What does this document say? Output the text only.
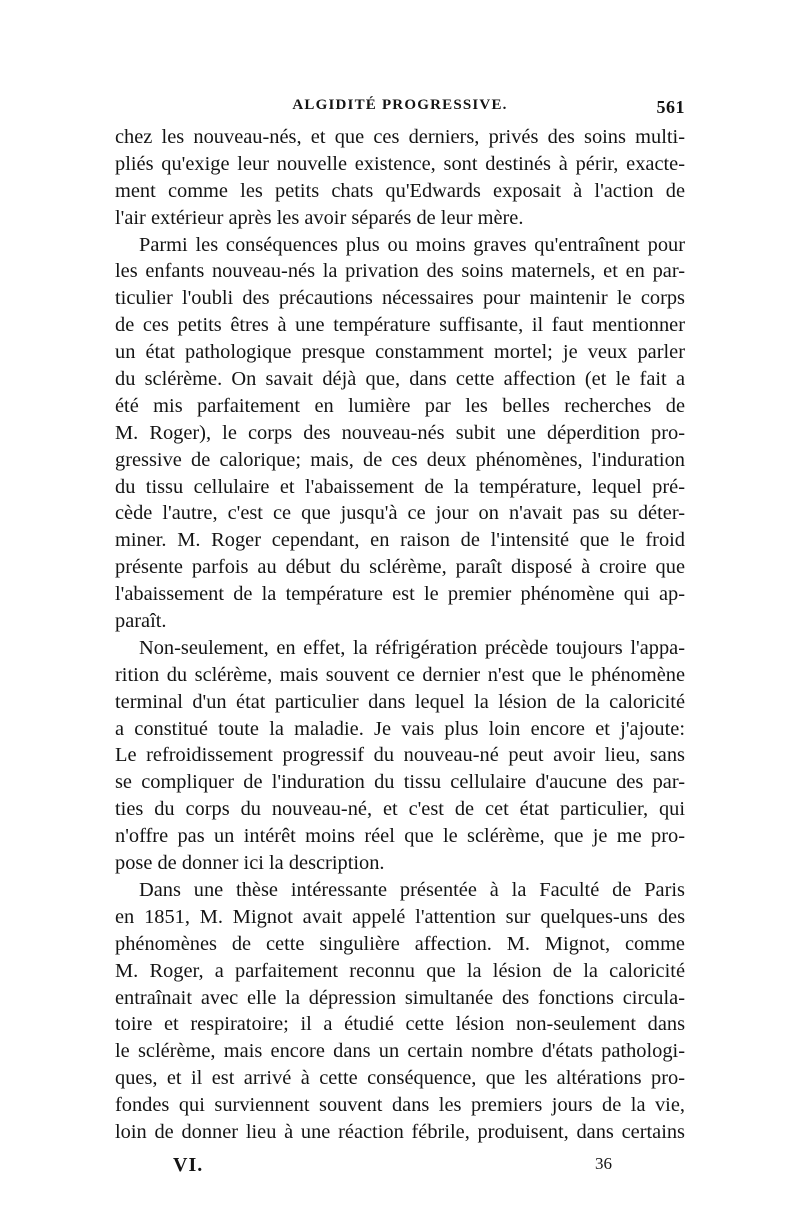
ALGIDITÉ PROGRESSIVE.	561
chez les nouveau-nés, et que ces derniers, privés des soins multi-
pliés qu'exige leur nouvelle existence, sont destinés à périr, exacte-
ment comme les petits chats qu'Edwards exposait à l'action de
l'air extérieur après les avoir séparés de leur mère.
Parmi les conséquences plus ou moins graves qu'entraînent pour
les enfants nouveau-nés la privation des soins maternels, et en par-
ticulier l'oubli des précautions nécessaires pour maintenir le corps
de ces petits êtres à une température suffisante, il faut mentionner
un état pathologique presque constamment mortel; je veux parler
du sclérème. On savait déjà que, dans cette affection (et le fait a
été mis parfaitement en lumière par les belles recherches de
M. Roger), le corps des nouveau-nés subit une déperdition pro-
gressive de calorique; mais, de ces deux phénomènes, l'induration
du tissu cellulaire et l'abaissement de la température, lequel pré-
cède l'autre, c'est ce que jusqu'à ce jour on n'avait pas su déter-
miner. M. Roger cependant, en raison de l'intensité que le froid
présente parfois au début du sclérème, paraît disposé à croire que
l'abaissement de la température est le premier phénomène qui ap-
paraît.
Non-seulement, en effet, la réfrigération précède toujours l'appa-
rition du sclérème, mais souvent ce dernier n'est que le phénomène
terminal d'un état particulier dans lequel la lésion de la caloricité
a constitué toute la maladie. Je vais plus loin encore et j'ajoute:
Le refroidissement progressif du nouveau-né peut avoir lieu, sans
se compliquer de l'induration du tissu cellulaire d'aucune des par-
ties du corps du nouveau-né, et c'est de cet état particulier, qui
n'offre pas un intérêt moins réel que le sclérème, que je me pro-
pose de donner ici la description.
Dans une thèse intéressante présentée à la Faculté de Paris
en 1851, M. Mignot avait appelé l'attention sur quelques-uns des
phénomènes de cette singulière affection. M. Mignot, comme
M. Roger, a parfaitement reconnu que la lésion de la caloricité
entraînait avec elle la dépression simultanée des fonctions circula-
toire et respiratoire; il a étudié cette lésion non-seulement dans
le sclérème, mais encore dans un certain nombre d'états pathologi-
ques, et il est arrivé à cette conséquence, que les altérations pro-
fondes qui surviennent souvent dans les premiers jours de la vie,
loin de donner lieu à une réaction fébrile, produisent, dans certains
VI.	36
